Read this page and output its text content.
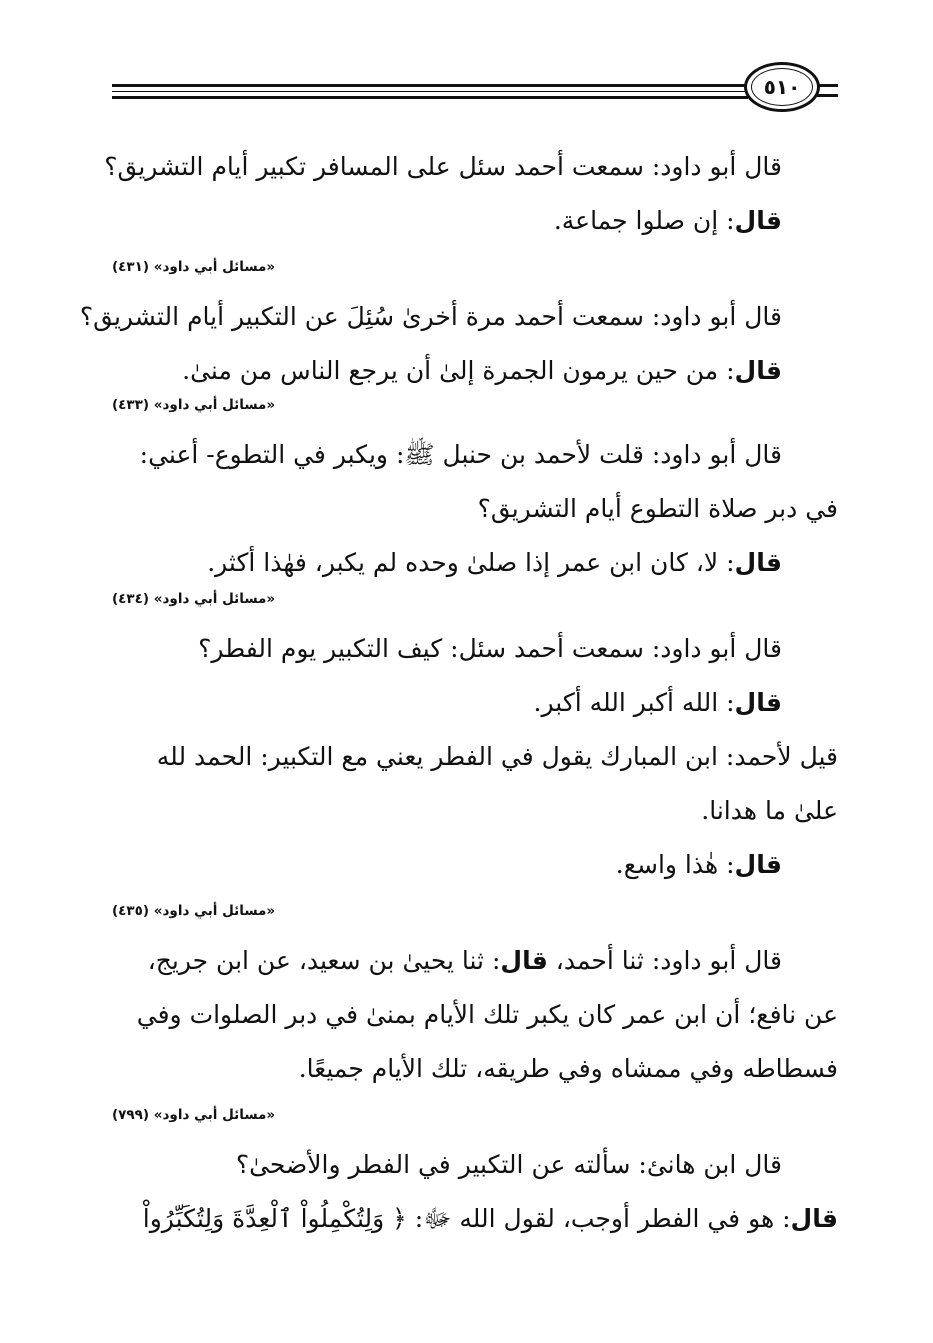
٥١٠
قال أبو داود: سمعت أحمد سئل على المسافر تكبير أيام التشريق؟
قال: إن صلوا جماعة.
«مسائل أبي داود» (٤٣١)
قال أبو داود: سمعت أحمد مرة أخرىٰ سُئِلَ عن التكبير أيام التشريق؟
قال: من حين يرمون الجمرة إلىٰ أن يرجع الناس من منىٰ.
«مسائل أبي داود» (٤٣٣)
قال أبو داود: قلت لأحمد بن حنبل ﷺ: ويكبر في التطوع- أعني:
في دبر صلاة التطوع أيام التشريق؟
قال: لا، كان ابن عمر إذا صلىٰ وحده لم يكبر، فهٰذا أكثر.
«مسائل أبي داود» (٤٣٤)
قال أبو داود: سمعت أحمد سئل: كيف التكبير يوم الفطر؟
قال: الله أكبر الله أكبر.
قيل لأحمد: ابن المبارك يقول في الفطر يعني مع التكبير: الحمد لله
علىٰ ما هدانا.
قال: هٰذا واسع.
«مسائل أبي داود» (٤٣٥)
قال أبو داود: ثنا أحمد، قال: ثنا يحيىٰ بن سعيد، عن ابن جريج،
عن نافع؛ أن ابن عمر كان يكبر تلك الأيام بمنىٰ في دبر الصلوات وفي
فسطاطه وفي ممشاه وفي طريقه، تلك الأيام جميعًا.
«مسائل أبي داود» (٧٩٩)
قال ابن هانئ: سألته عن التكبير في الفطر والأضحىٰ؟
قال: هو في الفطر أوجب، لقول الله ﷻ: ﴿ وَلِتُكْمِلُواْ ٱلْعِدَّةَ وَلِتُكَبِّرُواْ
